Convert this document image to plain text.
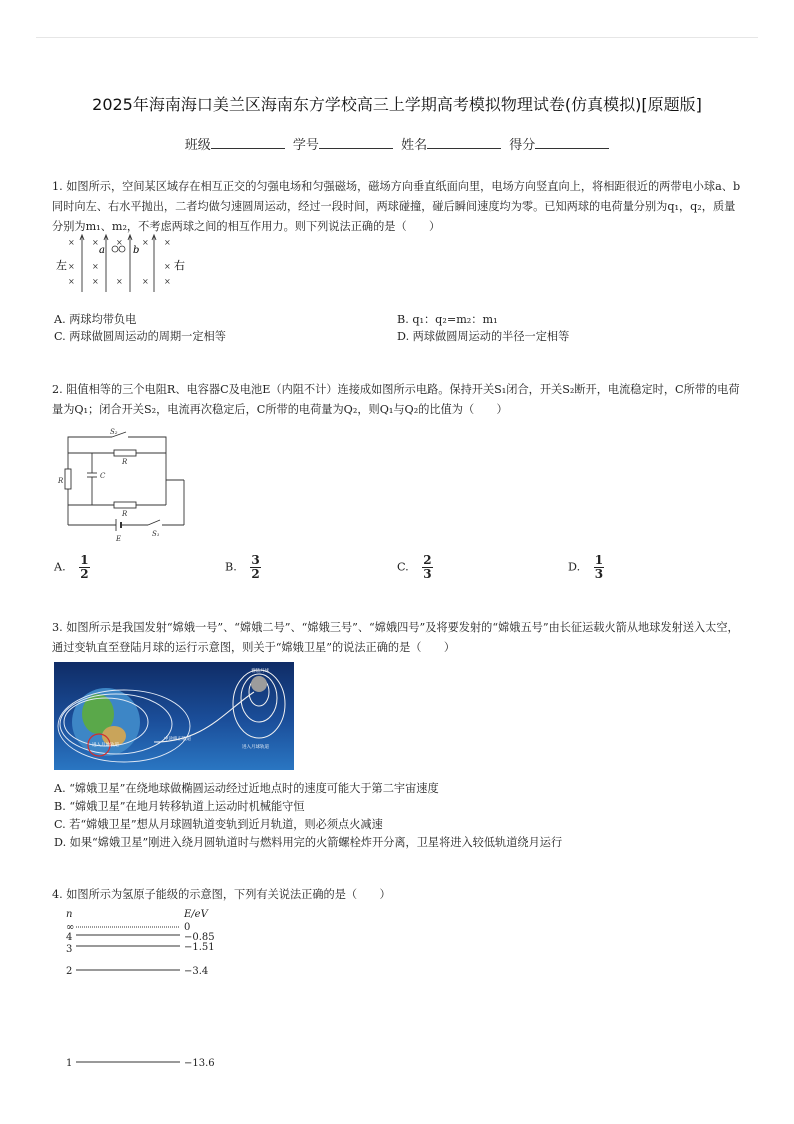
2025年海南海口美兰区海南东方学校高三上学期高考模拟物理试卷(仿真模拟)[原题版]
班级	学号	姓名	得分
1. 如图所示，空间某区域存在相互正交的匀强电场和匀强磁场，磁场方向垂直纸面向里，电场方向竖直向上，将相距很近的两带电小球a、b同时向左、右水平抛出，二者均做匀速圆周运动，经过一段时间，两球碰撞，碰后瞬间速度均为零。已知两球的电荷量分别为q₁，q₂，质量分别为m₁、m₂，不考虑两球之间的相互作用力。则下列说法正确的是（　　）
×
×
×
×
×
×
× ×
× ×
×
×
×
a	b
左	右
A. 两球均带负电	B. q₁：q₂=m₂：m₁
C. 两球做圆周运动的周期一定相等	D. 两球做圆周运动的半径一定相等
2. 阻值相等的三个电阻R、电容器C及电池E（内阻不计）连接成如图所示电路。保持开关S₁闭合，开关S₂断开，电流稳定时，C所带的电荷量为Q₁；闭合开关S₂，电流再次稳定后，C所带的电荷量为Q₂，则Q₁与Q₂的比值为（　　）
S₂
R
R
C
R
E
S₁
A. $\frac{1}{2}$	B. $\frac{3}{2}$	C. $\frac{2}{3}$	D. $\frac{1}{3}$
3. 如图所示是我国发射“嫦娥一号”、“嫦娥二号”、“嫦娥三号”、“嫦娥四号”及将要发射的“嫦娥五号”由长征运载火箭从地球发射送入太空，通过变轨直至登陆月球的运行示意图，则关于“嫦娥卫星”的说法正确的是（　　）
着陆月球
进入月球轨道
中途修正轨道
进入月地轨道
A. “嫦娥卫星”在绕地球做椭圆运动经过近地点时的速度可能大于第二宇宙速度
B. “嫦娥卫星”在地月转移轨道上运动时机械能守恒
C. 若“嫦娥卫星”想从月球圆轨道变轨到近月轨道，则必须点火减速
D. 如果“嫦娥卫星”刚进入绕月圆轨道时与燃料用完的火箭螺栓炸开分离，卫星将进入较低轨道绕月运行
4. 如图所示为氢原子能级的示意图，下列有关说法正确的是（　　）
n	E/eV
∞	0
4	−0.85
3	−1.51
2	−3.4
1	−13.6
